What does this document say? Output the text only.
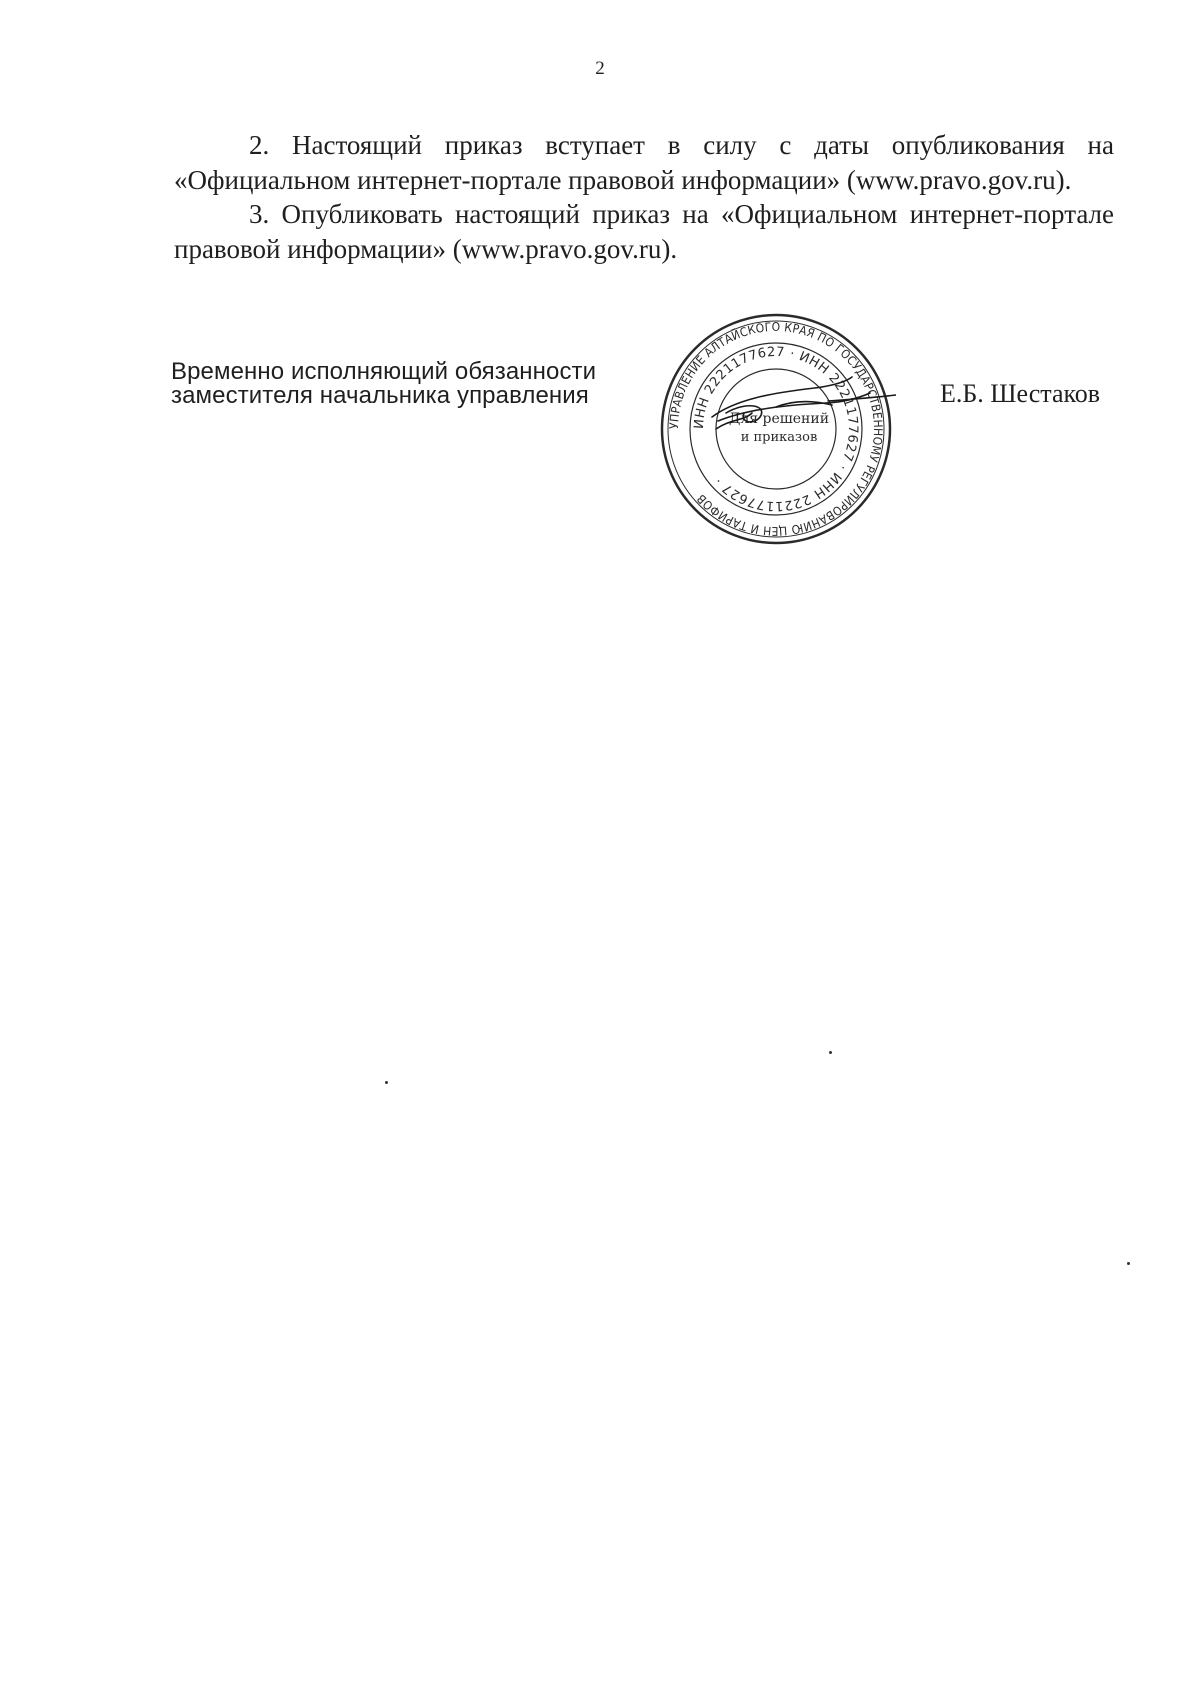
2

2. Настоящий приказ вступает в силу с даты опубликования на «Официальном интернет-портале правовой информации» (www.pravo.gov.ru).

3. Опубликовать настоящий приказ на «Официальном интернет-портале правовой информации» (www.pravo.gov.ru).

Временно исполняющий обязанности
заместителя начальника управления
УПРАВЛЕНИЕ АЛТАЙСКОГО КРАЯ ПО ГОСУДАРСТВЕННОМУ РЕГУЛИРОВАНИЮ ЦЕН И ТАРИФОВ
ИНН 2221177627 · ИНН 2221177627 · ИНН 2221177627 ·
Для решений
и приказов
Е.Б. Шестаков
